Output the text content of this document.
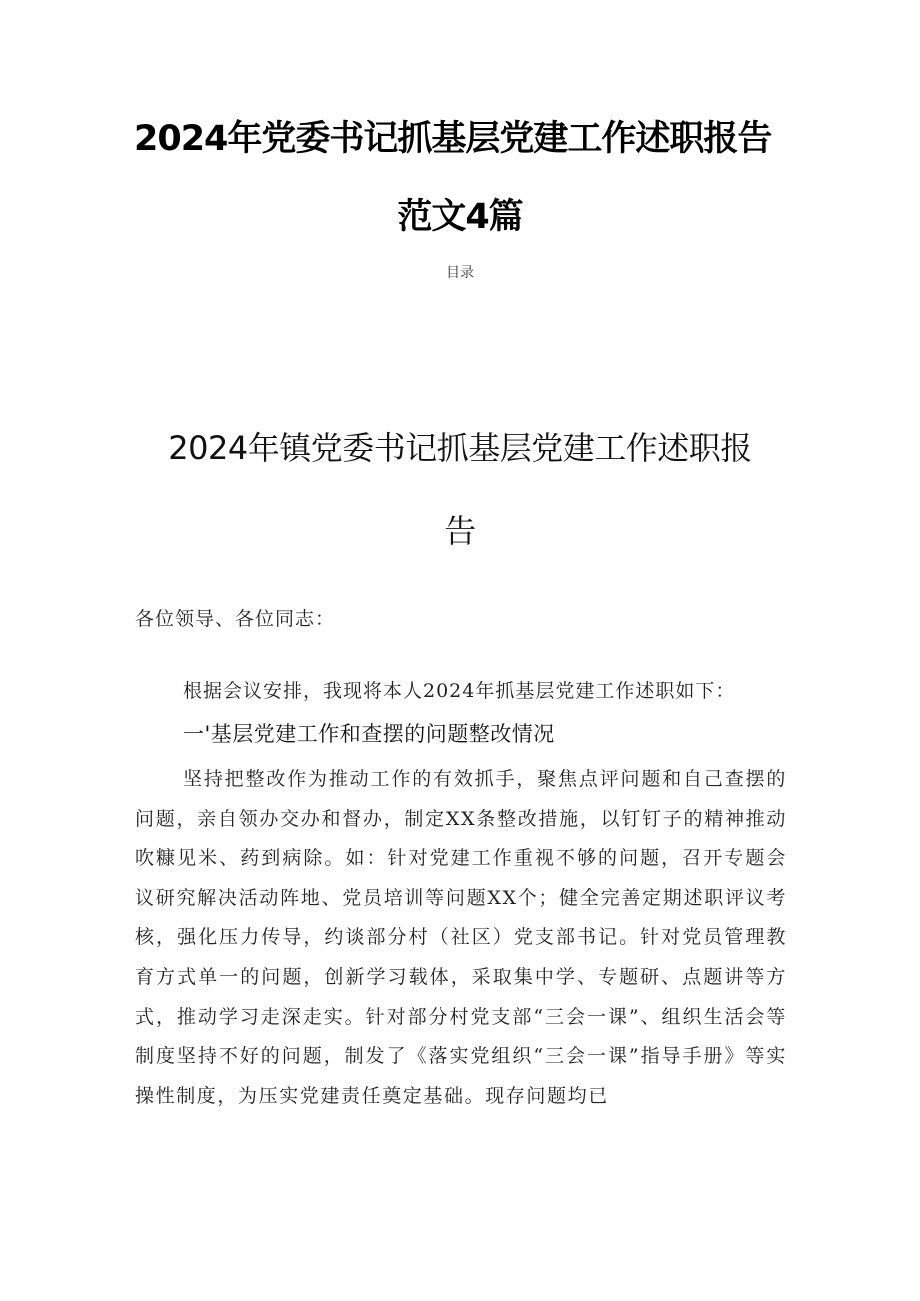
2024年党委书记抓基层党建工作述职报告
范文4篇
目录
2024年镇党委书记抓基层党建工作述职报
告
各位领导、各位同志：
根据会议安排，我现将本人2024年抓基层党建工作述职如下：
一'基层党建工作和查摆的问题整改情况
坚持把整改作为推动工作的有效抓手，聚焦点评问题和自己查摆的问题，亲自领办交办和督办，制定XX条整改措施，以钉钉子的精神推动吹糠见米、药到病除。如：针对党建工作重视不够的问题，召开专题会议研究解决活动阵地、党员培训等问题XX个；健全完善定期述职评议考核，强化压力传导，约谈部分村（社区）党支部书记。针对党员管理教育方式单一的问题，创新学习载体，采取集中学、专题研、点题讲等方式，推动学习走深走实。针对部分村党支部“三会一课”、组织生活会等制度坚持不好的问题，制发了《落实党组织“三会一课”指导手册》等实操性制度，为压实党建责任奠定基础。现存问题均已
